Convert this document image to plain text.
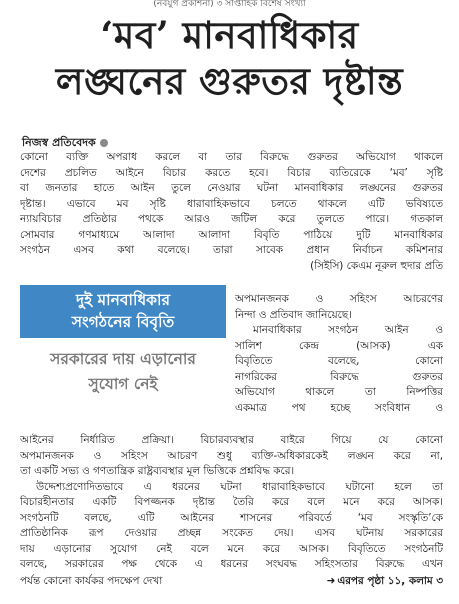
(নবযুগ প্রকাশনা) ৩ সাপ্তাহিক বিশেষ সংখ্যা
‘মব’ মানবাধিকার
লঙ্ঘনের গুরুতর দৃষ্টান্ত
নিজস্ব প্রতিবেদক
কোনো ব্যক্তি অপরাধ করলে বা তার বিরুদ্ধে গুরুতর অভিযোগ থাকলে
দেশের প্রচলিত আইনে বিচার করতে হবে। বিচার ব্যতিরেকে ‘মব’ সৃষ্টি
বা জনতার হাতে আইন তুলে নেওয়ার ঘটনা মানবাধিকার লঙ্ঘনের গুরুতর
দৃষ্টান্ত। এভাবে মব সৃষ্টি ধারাবাহিকভাবে চলতে থাকলে এটি ভবিষ্যতে
ন্যায়বিচার প্রতিষ্ঠার পথকে আরও জটিল করে তুলতে পারে। গতকাল
সোমবার গণমাধ্যমে আলাদা আলাদা বিবৃতি পাঠিয়ে দুটি মানবাধিকার
সংগঠন এসব কথা বলেছে। তারা সাবেক প্রধান নির্বাচন কমিশনার
(সিইসি) কেএম নূরুল হুদার প্রতি
দুই মানবাধিকার
সংগঠনের বিবৃতি
সরকারের দায় এড়ানোর
সুযোগ নেই
অপমানজনক ও সহিংস আচরণের
নিন্দা ও প্রতিবাদ জানিয়েছে।
মানবাধিকার সংগঠন আইন ও
সালিশ কেন্দ্র (আসক) এক
বিবৃতিতে বলেছে, কোনো
নাগরিকের বিরুদ্ধে গুরুতর
অভিযোগ থাকলে তা নিষ্পত্তির
একমাত্র পথ হচ্ছে সংবিধান ও
আইনের নির্ধারিত প্রক্রিয়া। বিচারব্যবস্থার বাইরে গিয়ে যে কোনো
অপমানজনক ও সহিংস আচরণ শুধু ব্যক্তি-অধিকারকেই লঙ্ঘন করে না,
তা একটি সভ্য ও গণতান্ত্রিক রাষ্ট্রব্যবস্থার মূল ভিত্তিকে প্রশ্নবিদ্ধ করে।
উদ্দেশ্যপ্রণোদিতভাবে এ ধরনের ঘটনা ধারাবাহিকভাবে ঘটানো হলে তা
বিচারহীনতার একটি বিপজ্জনক দৃষ্টান্ত তৈরি করে বলে মনে করে আসক।
সংগঠনটি বলছে, এটি আইনের শাসনের পরিবর্তে ‘মব সংস্কৃতি’কে
প্রাতিষ্ঠানিক রূপ দেওয়ার প্রচ্ছন্ন সংকেত দেয়। এসব ঘটনায় সরকারের
দায় এড়ানোর সুযোগ নেই বলে মনে করে আসক। বিবৃতিতে সংগঠনটি
বলছে, সরকারের পক্ষ থেকে এ ধরনের সংঘবদ্ধ সহিংসতার বিরুদ্ধে এখন
পর্যন্ত কোনো কার্যকর পদক্ষেপ দেখা	➜ এরপর পৃষ্ঠা ১১, কলাম ৩
